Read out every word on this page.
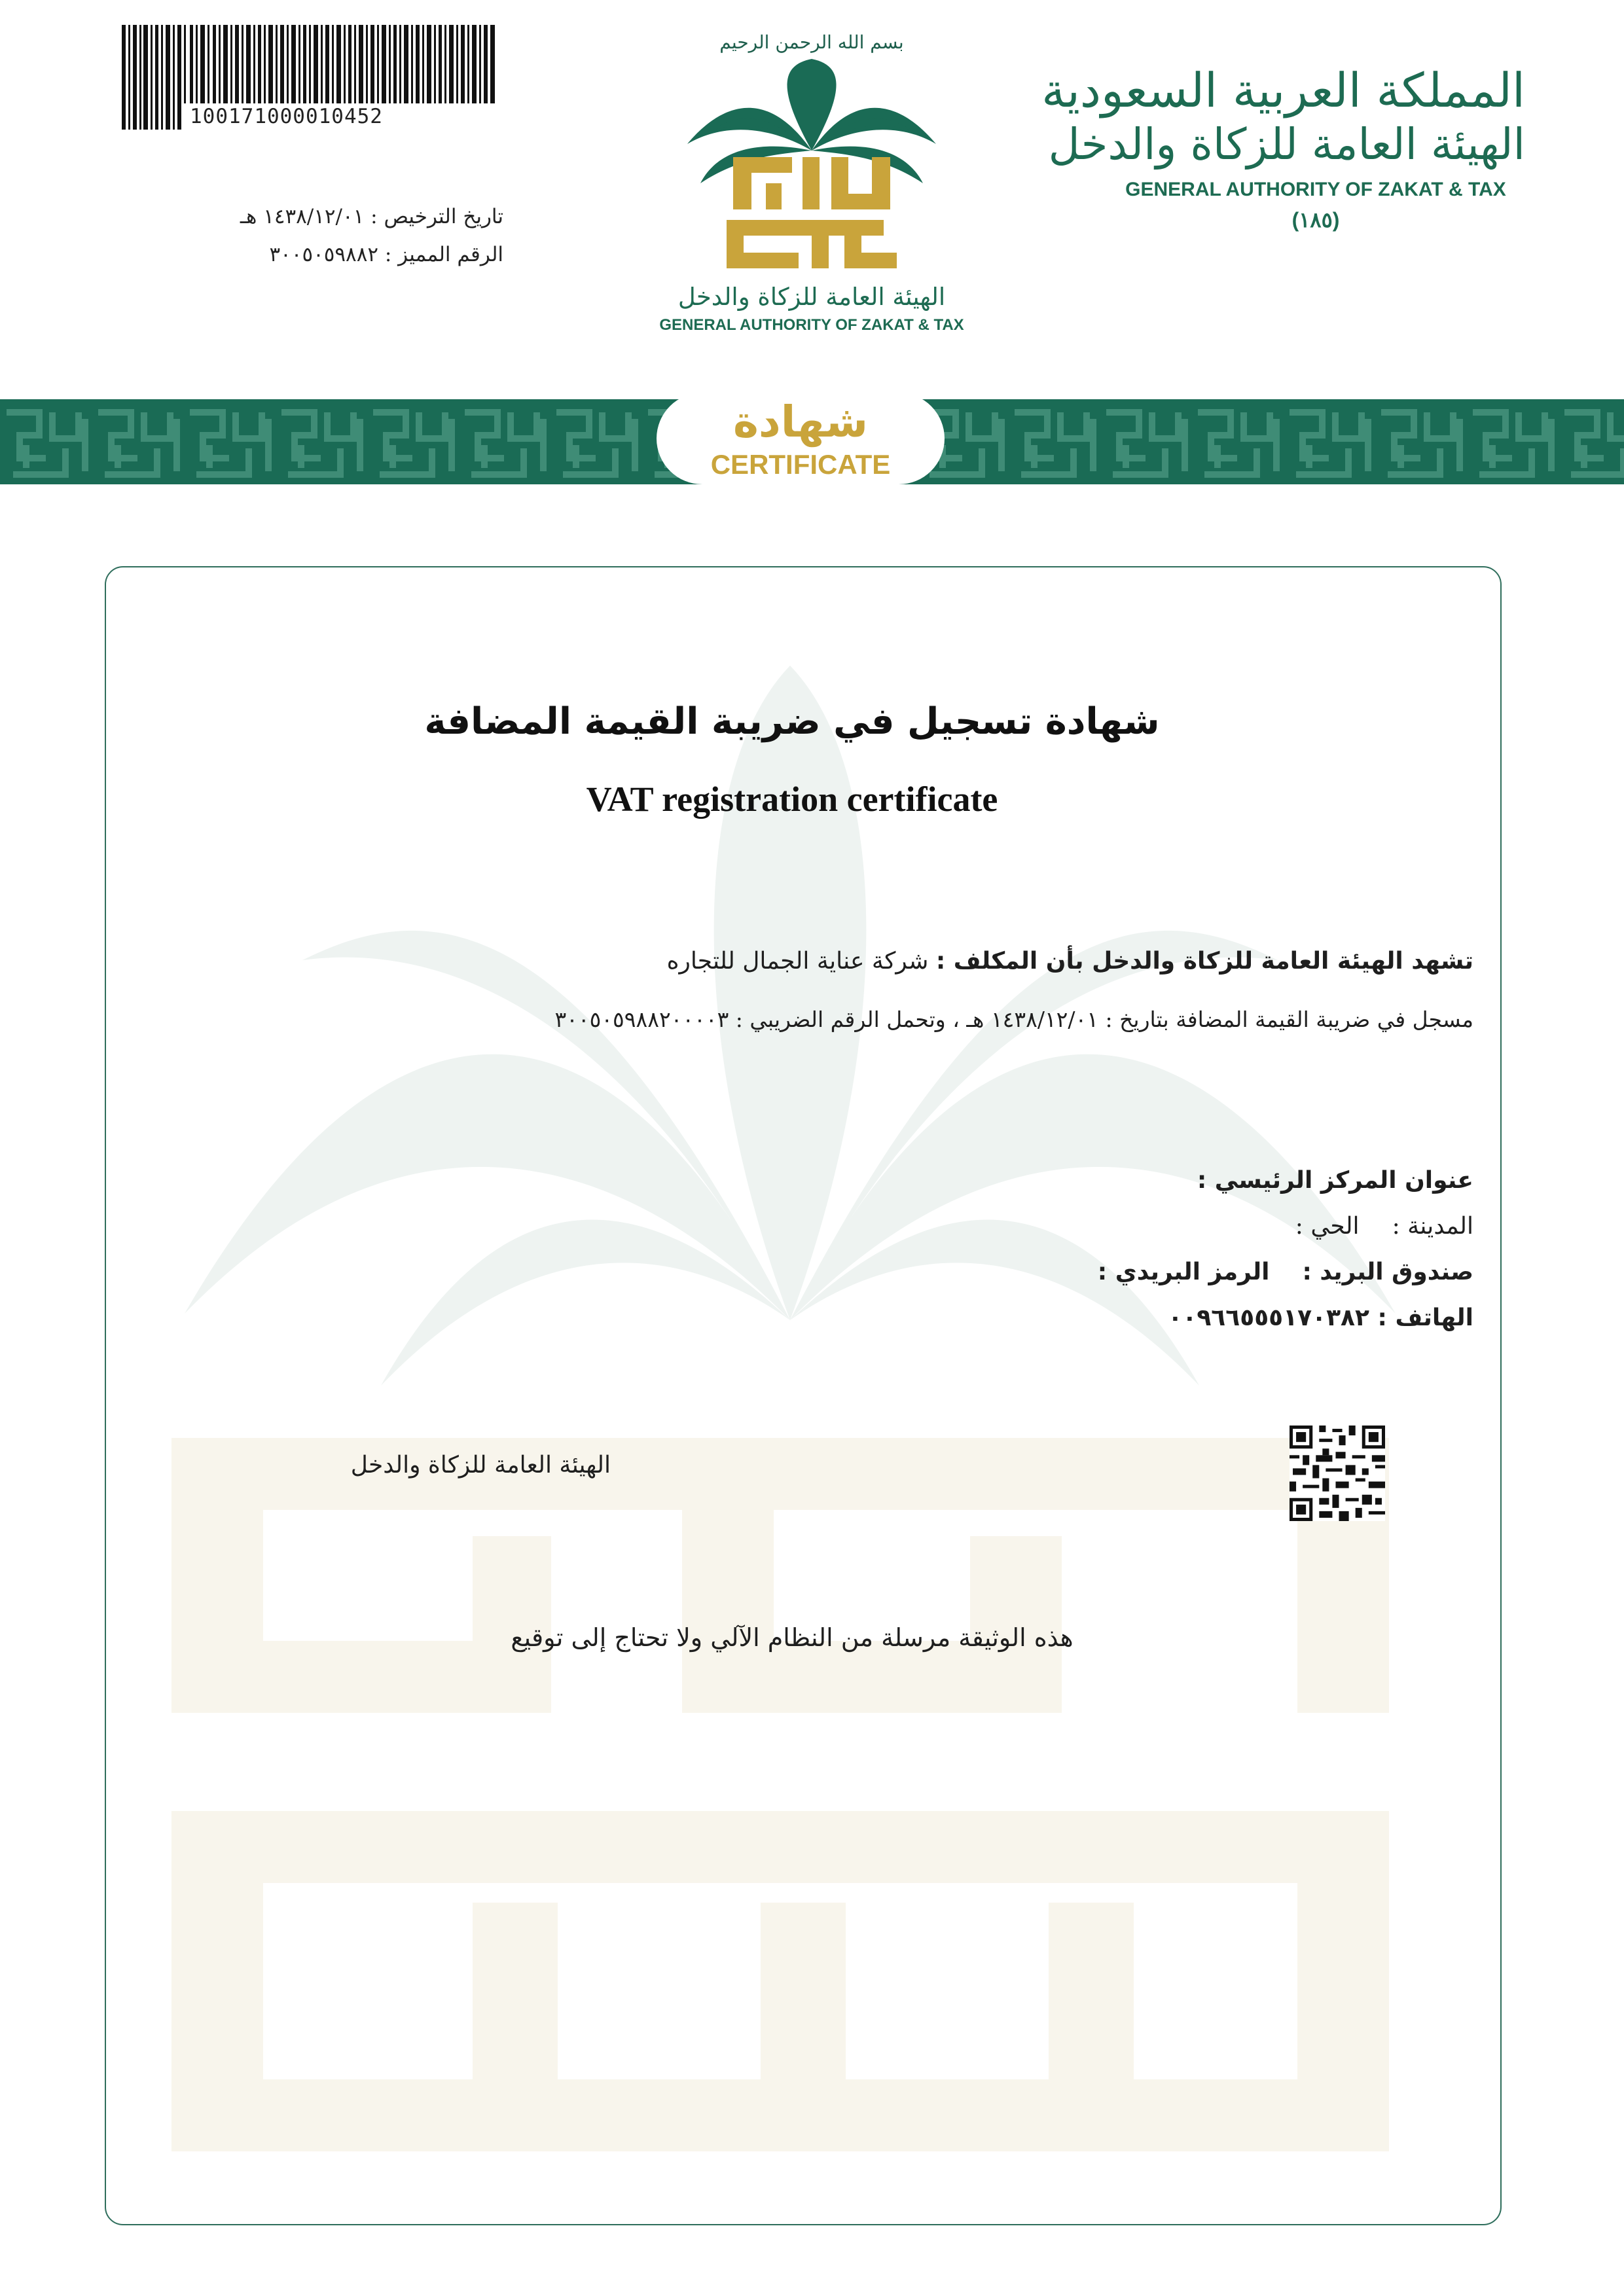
100171000010452
تاريخ الترخيص : ١٤٣٨/١٢/٠١ هـ
الرقم المميز : ٣٠٠٥٠٥٩٨٨٢
بسم الله الرحمن الرحيم
الهيئة العامة للزكاة والدخل
GENERAL AUTHORITY OF ZAKAT & TAX
المملكة العربية السعودية
الهيئة العامة للزكاة والدخل
GENERAL AUTHORITY OF ZAKAT & TAX
(١٨٥)
شهادة
CERTIFICATE
شهادة تسجيل في ضريبة القيمة المضافة
VAT registration certificate
تشهد الهيئة العامة للزكاة والدخل بأن المكلف : شركة عناية الجمال للتجاره
مسجل في ضريبة القيمة المضافة بتاريخ : ١٤٣٨/١٢/٠١ هـ ، وتحمل الرقم الضريبي : ٣٠٠٥٠٥٩٨٨٢٠٠٠٠٣
عنوان المركز الرئيسي :
المدينة :الحي :
صندوق البريد :الرمز البريدي :
الهاتف : ٠٠٩٦٦٥٥٥١٧٠٣٨٢
الهيئة العامة للزكاة والدخل
هذه الوثيقة مرسلة من النظام الآلي ولا تحتاج إلى توقيع
